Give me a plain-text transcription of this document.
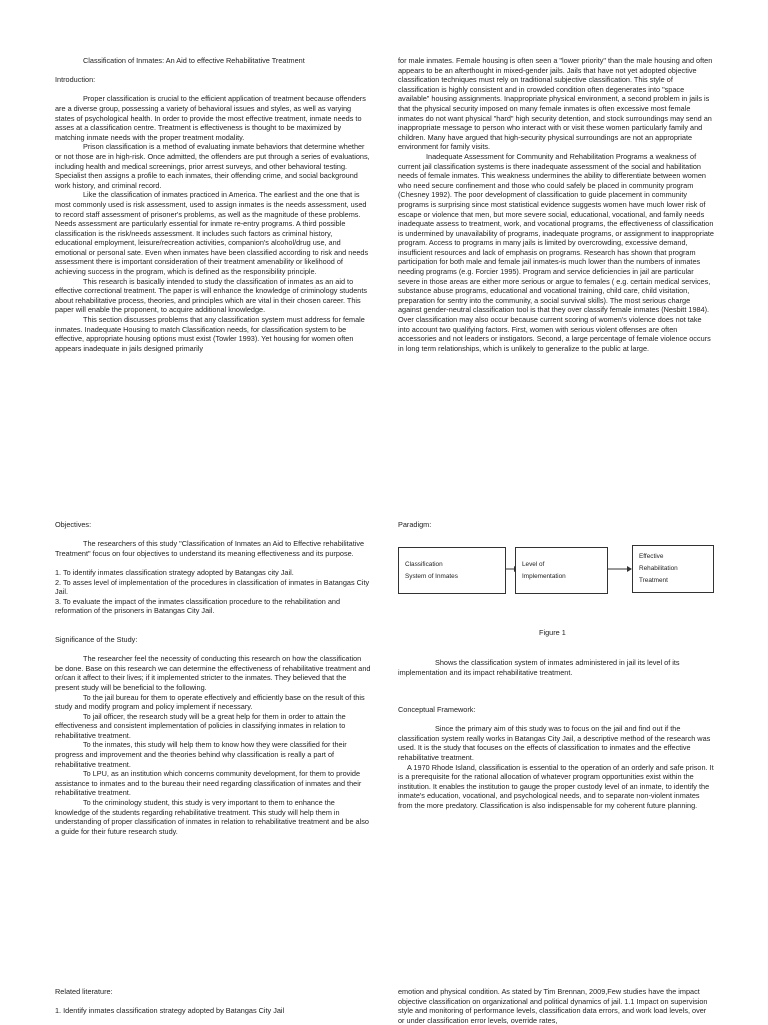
Classification of Inmates: An Aid to effective Rehabilitative Treatment

Introduction:

Proper classification is crucial to the efficient application of treatment because offenders are a diverse group, possessing a variety of behavioral issues and styles, as well as varying states of psychological health. In order to provide the most effective treatment, inmate needs to asses at a classification centre. Treatment is effectiveness is thought to be maximized by matching inmate needs with the proper treatment modality.

Prison classification is a method of evaluating inmate behaviors that determine whether or not those are in high-risk. Once admitted, the offenders are put through a series of evaluations, including health and medical screenings, prior arrest surveys, and other behavioral testing. Specialist then assigns a profile to each inmates, their offending crime, and social background work history, and criminal record.

Like the classification of inmates practiced in America. The earliest and the one that is most commonly used is risk assessment, used to assign inmates is the needs assessment, used to record staff assessment of prisoner's problems, as well as the magnitude of these problems. Needs assessment are particularly essential for inmate re-entry programs. A third possible classification is the risk/needs assessment. It includes such factors as criminal history, educational employment, leisure/recreation activities, companion's alcohol/drug use, and emotional or personal sate. Even when inmates have been classified according to risk and needs assessment there is important consideration of their treatment amenability or likelihood of achieving success in the program, which is defined as the responsibility principle.

This research is basically intended to study the classification of inmates as an aid to effective correctional treatment. The paper is will enhance the knowledge of criminology students about rehabilitative process, theories, and principles which are vital in their chosen career. This paper will enable the proponent, to acquire additional knowledge.

This section discusses problems that any classification system must address for female inmates. Inadequate Housing to match Classification needs, for classification system to be effective, appropriate housing options must exist (Towler 1993). Yet housing for women often appears inadequate in jails designed primarily

for male inmates. Female housing is often seen a "lower priority" than the male housing and often appears to be an afterthought in mixed-gender jails. Jails that have not yet adopted objective classification techniques must rely on traditional subjective classification. This style of classification is highly consistent and in crowded condition often degenerates into "space available" housing assignments. Inappropriate physical environment, a second problem in jails is that the physical security imposed on many female inmates is often excessive most female inmates do not want physical "hard" high security detention, and stock surroundings may send an inappropriate message to person who interact with or visit these women particularly family and children. Many have argued that high-security physical surroundings are not an appropriate environment for family visits.

Inadequate Assessment for Community and Rehabilitation Programs a weakness of current jail classification systems is there inadequate assessment of the social and habilitation needs of female inmates. This weakness undermines the ability to differentiate between women who need secure confinement and those who could safely be placed in community program (Chesney 1992). The poor development of classification to guide placement in community programs is surprising since most statistical evidence suggests women have much lower risk of escape or violence that men, but more severe social, educational, vocational, and family needs inadequate assess to treatment, work, and vocational programs, the effectiveness of classification is undermined by unavailability of programs, inadequate programs, or assignment to inappropriate program. Access to programs in many jails is limited by overcrowding, excessive demand, insufficient resources and lack of emphasis on programs. Research has shown that program participation for both male and female jail inmates-is much lower than the numbers of inmates needing programs (e.g. Forcier 1995). Program and service deficiencies in jail are particular severe in those areas are either more serious or argue to females ( e.g. certain medical services, substance abuse programs, educational and vocational training, child care, child visitation, preparation for sentry into the community, a social survival skills). The most serious charge against gender-neutral classification tool is that they over classify female inmates (Nesbitt 1984). Over classification may also occur because current scoring of women's violence does not take into account two qualifying factors. First, women with serious violent offenses are often accessories and not leaders or instigators. Second, a large percentage of female violence occurs in long term relationships, which is unlikely to generalize to the public at large.

Objectives:

The researchers of this study "Classification of Inmates an Aid to Effective rehabilitative Treatment" focus on four objectives to understand its meaning effectiveness and its purpose.

1. To identify inmates classification strategy adopted by Batangas city Jail.
2. To asses level of implementation of the procedures in classification of inmates in Batangas City Jail.
3. To evaluate the impact of the inmates classification procedure to the rehabilitation and reformation of the prisoners in Batangas City Jail.

Significance of the Study:

The researcher feel the necessity of conducting this research on how the classification be done. Base on this research we can determine the effectiveness of rehabilitative treatment and or/can it affect to their lives; if it implemented stricter to the inmates. They believed that the present study will be beneficial to the following.

To the jail bureau for them to operate effectively and efficiently base on the result of this study and modify program and policy implement if necessary.

To jail officer, the research study will be a great help for them in order to attain the effectiveness and consistent implementation of policies in classifying inmates in relation to rehabilitative treatment.

To the inmates, this study will help them to know how they were classified for their progress and improvement and the theories behind why classification is really a part of rehabilitative treatment.

To LPU, as an institution which concerns community development, for them to provide assistance to inmates and to the bureau their need regarding classification of inmates and their rehabilitative treatment.

To the criminology student, this study is very important to them to enhance the knowledge of the students regarding rehabilitative treatment. This study will help them in understanding of proper classification of inmates in relation to rehabilitative treatment and be also a guide for their future research study.

Paradigm:

Classification
System of Inmates
Level of
Implementation
Effective
Rehabilitation
Treatment
Figure 1

Shows the classification system of inmates administered in jail its level of its implementation and its impact rehabilitative treatment.

Conceptual Framework:

Since the primary aim of this study was to focus on the jail and find out if the classification system really works in Batangas City Jail, a descriptive method of the research was used. It is the study that focuses on the effects of classification to inmates and the effective rehabilitative treatment.

A 1970 Rhode Island, classification is essential to the operation of an orderly and safe prison. It is a prerequisite for the rational allocation of whatever program opportunities exist within the institution. It enables the institution to gauge the proper custody level of an inmate, to identify the inmate's education, vocational, and psychological needs, and to separate non-violent inmates from the more predatory. Classification is also indispensable for my coherent future planning.

Related literature:

1. Identify inmates classification strategy adopted by Batangas City Jail

emotion and physical condition. As stated by Tim Brennan, 2009,Few studies have the impact objective classification on organizational and political dynamics of jail. 1.1 Impact on supervision style and monitoring of performance levels, classification data errors, and work load levels, over or under classification error levels, override rates,
